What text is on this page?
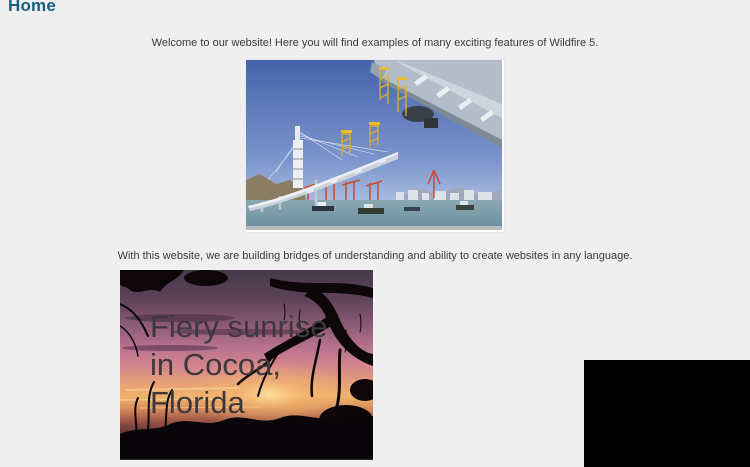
Home

Welcome to our website! Here you will find examples of many exciting features of Wildfire 5.

With this website, we are building bridges of understanding and ability to create websites in any language.

Fiery sunrise in Cocoa, Florida
